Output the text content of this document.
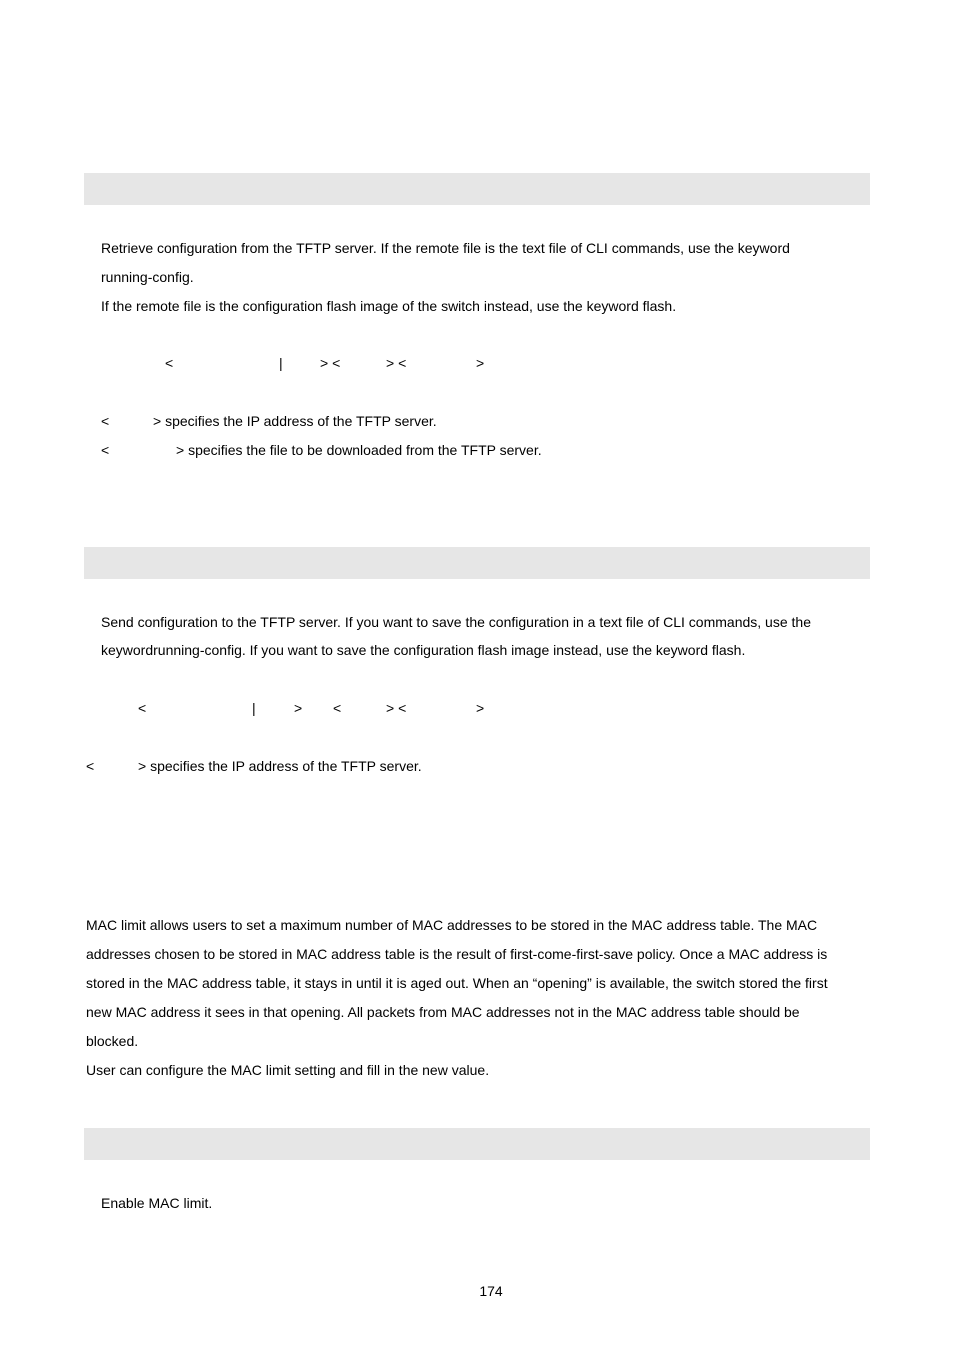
Retrieve configuration from the TFTP server. If the remote file is the text file of CLI commands, use the keyword
running-config.
If the remote file is the configuration flash image of the switch instead, use the keyword flash.
<	|	> <	> <	>
<	> specifies the IP address of the TFTP server.
<	> specifies the file to be downloaded from the TFTP server.
Send configuration to the TFTP server. If you want to save the configuration in a text file of CLI commands, use the
keywordrunning-config. If you want to save the configuration flash image instead, use the keyword flash.
<	|	> <	> <	>
<	> specifies the IP address of the TFTP server.
MAC limit allows users to set a maximum number of MAC addresses to be stored in the MAC address table. The MAC
addresses chosen to be stored in MAC address table is the result of first-come-first-save policy. Once a MAC address is
stored in the MAC address table, it stays in until it is aged out. When an “opening” is available, the switch stored the first
new MAC address it sees in that opening. All packets from MAC addresses not in the MAC address table should be
blocked.
User can configure the MAC limit setting and fill in the new value.
Enable MAC limit.
174
